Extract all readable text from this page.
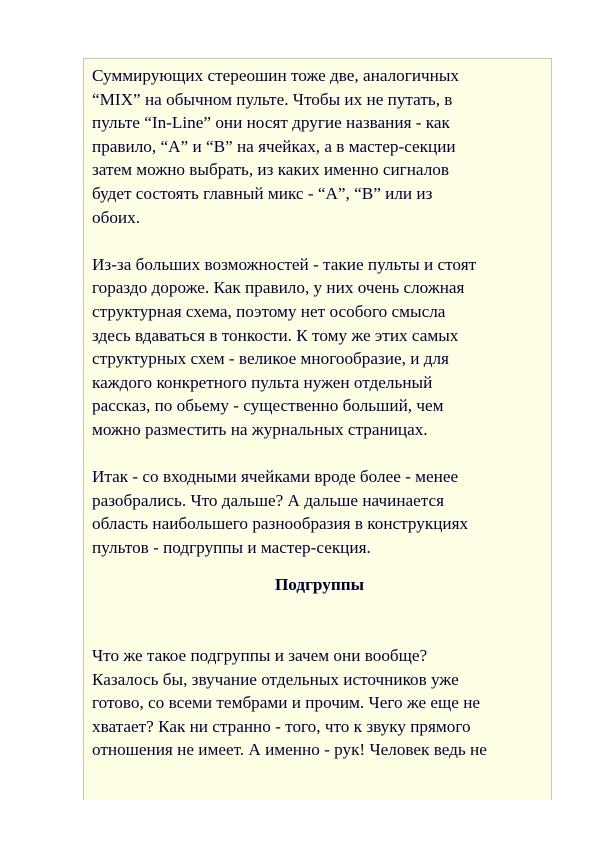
Суммирующих стереошин тоже две, аналогичных
“MIX” на обычном пульте. Чтобы их не путать, в
пульте “In-Line” они носят другие названия - как
правило, “A” и “B” на ячейках, а в мастер-секции
затем можно выбрать, из каких именно сигналов
будет состоять главный микс - “A”, “B” или из
обоих.

Из-за больших возможностей - такие пульты и стоят
гораздо дороже. Как правило, у них очень сложная
структурная схема, поэтому нет особого смысла
здесь вдаваться в тонкости. К тому же этих самых
структурных схем - великое многообразие, и для
каждого конкретного пульта нужен отдельный
рассказ, по обьему - существенно больший, чем
можно разместить на журнальных страницах.

Итак - со входными ячейками вроде более - менее
разобрались. Что дальше? А дальше начинается
область наибольшего разнообразия в конструкциях
пультов - подгруппы и мастер-секция.

Подгруппы

Что же такое подгруппы и зачем они вообще?
Казалось бы, звучание отдельных источников уже
готово, со всеми тембрами и прочим. Чего же еще не
хватает? Как ни странно - того, что к звуку прямого
отношения не имеет. А именно - рук! Человек ведь не
